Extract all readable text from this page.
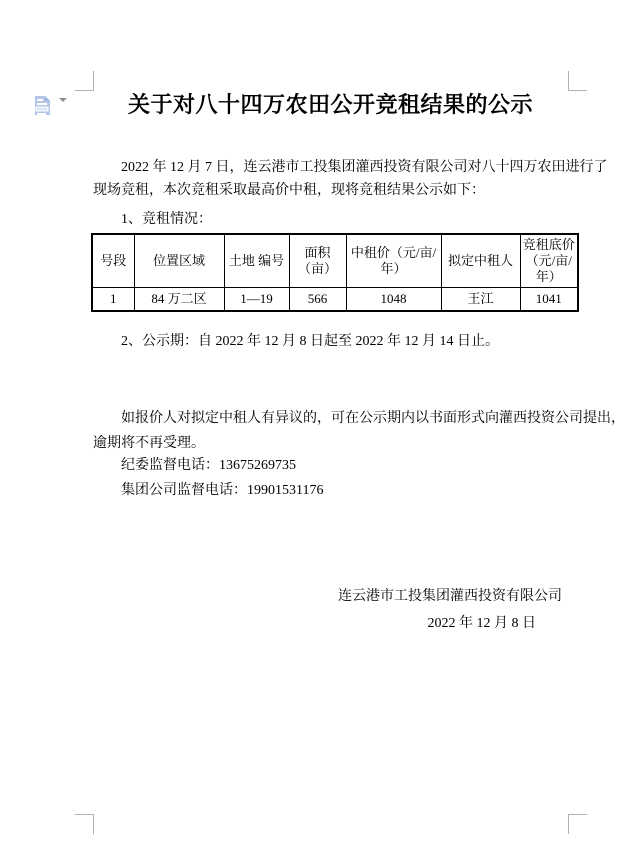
关于对八十四万农田公开竞租结果的公示
2022 年 12 月 7 日，连云港市工投集团灌西投资有限公司对八十四万农田进行了
现场竞租，本次竞租采取最高价中租，现将竞租结果公示如下：
1、竞租情况：
号段	位置区域	土地 编号	面积（亩）	中租价（元/亩/年）	拟定中租人	竞租底价（元/亩/年）
1	84 万二区	1—19	566	1048	王江	1041
2、公示期：自 2022 年 12 月 8 日起至 2022 年 12 月 14 日止。
如报价人对拟定中租人有异议的，可在公示期内以书面形式向灌西投资公司提出，
逾期将不再受理。
纪委监督电话：13675269735
集团公司监督电话：19901531176
连云港市工投集团灌西投资有限公司
2022 年 12 月 8 日
